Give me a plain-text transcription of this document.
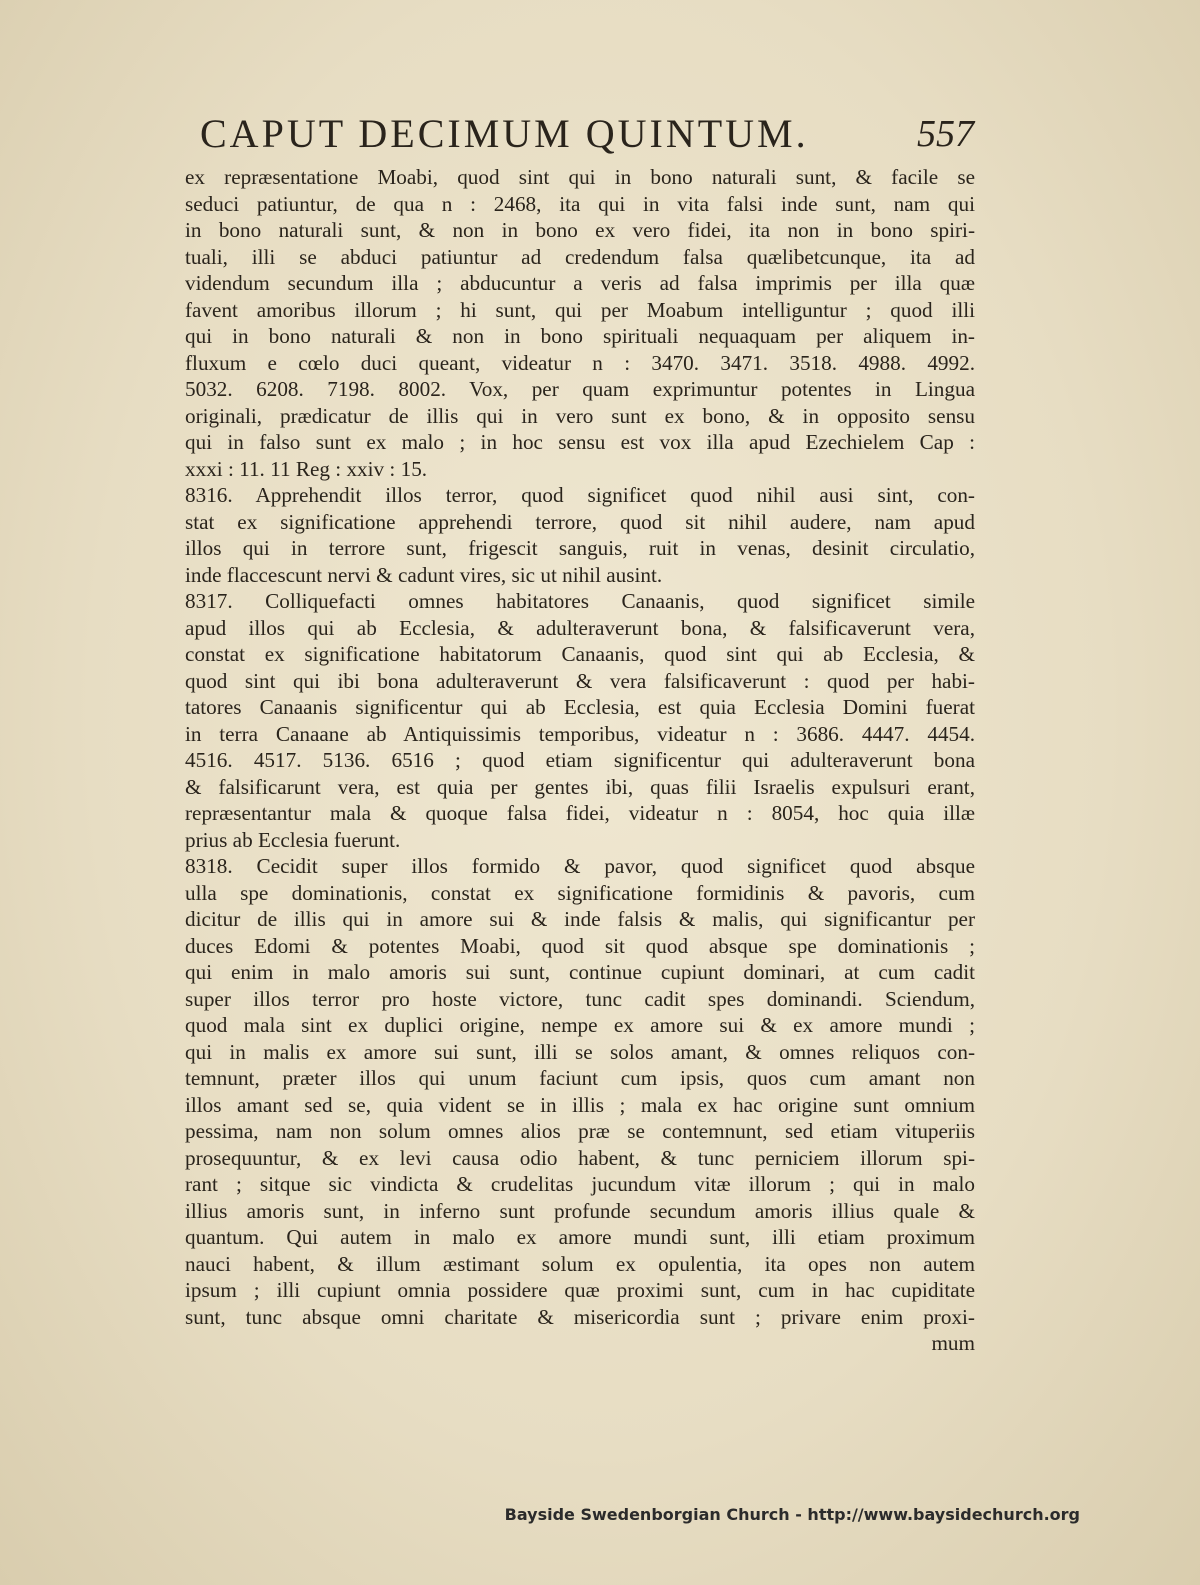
CAPUT DECIMUM QUINTUM.	557
ex repræsentatione Moabi, quod sint qui in bono naturali sunt, & facile se
seduci patiuntur, de qua n : 2468, ita qui in vita falsi inde sunt, nam qui
in bono naturali sunt, & non in bono ex vero fidei, ita non in bono spiri-
tuali, illi se abduci patiuntur ad credendum falsa quælibetcunque, ita ad
videndum secundum illa ; abducuntur a veris ad falsa imprimis per illa quæ
favent amoribus illorum ; hi sunt, qui per Moabum intelliguntur ; quod illi
qui in bono naturali & non in bono spirituali nequaquam per aliquem in-
fluxum e cœlo duci queant, videatur n : 3470. 3471. 3518. 4988. 4992.
5032. 6208. 7198. 8002. Vox, per quam exprimuntur potentes in Lingua
originali, prædicatur de illis qui in vero sunt ex bono, & in opposito sensu
qui in falso sunt ex malo ; in hoc sensu est vox illa apud Ezechielem Cap :
xxxi : 11. 11 Reg : xxiv : 15.
8316. Apprehendit illos terror, quod significet quod nihil ausi sint, con-
stat ex significatione apprehendi terrore, quod sit nihil audere, nam apud
illos qui in terrore sunt, frigescit sanguis, ruit in venas, desinit circulatio,
inde flaccescunt nervi & cadunt vires, sic ut nihil ausint.
8317. Colliquefacti omnes habitatores Canaanis, quod significet simile
apud illos qui ab Ecclesia, & adulteraverunt bona, & falsificaverunt vera,
constat ex significatione habitatorum Canaanis, quod sint qui ab Ecclesia, &
quod sint qui ibi bona adulteraverunt & vera falsificaverunt : quod per habi-
tatores Canaanis significentur qui ab Ecclesia, est quia Ecclesia Domini fuerat
in terra Canaane ab Antiquissimis temporibus, videatur n : 3686. 4447. 4454.
4516. 4517. 5136. 6516 ; quod etiam significentur qui adulteraverunt bona
& falsificarunt vera, est quia per gentes ibi, quas filii Israelis expulsuri erant,
repræsentantur mala & quoque falsa fidei, videatur n : 8054, hoc quia illæ
prius ab Ecclesia fuerunt.
8318. Cecidit super illos formido & pavor, quod significet quod absque
ulla spe dominationis, constat ex significatione formidinis & pavoris, cum
dicitur de illis qui in amore sui & inde falsis & malis, qui significantur per
duces Edomi & potentes Moabi, quod sit quod absque spe dominationis ;
qui enim in malo amoris sui sunt, continue cupiunt dominari, at cum cadit
super illos terror pro hoste victore, tunc cadit spes dominandi. Sciendum,
quod mala sint ex duplici origine, nempe ex amore sui & ex amore mundi ;
qui in malis ex amore sui sunt, illi se solos amant, & omnes reliquos con-
temnunt, præter illos qui unum faciunt cum ipsis, quos cum amant non
illos amant sed se, quia vident se in illis ; mala ex hac origine sunt omnium
pessima, nam non solum omnes alios præ se contemnunt, sed etiam vituperiis
prosequuntur, & ex levi causa odio habent, & tunc perniciem illorum spi-
rant ; sitque sic vindicta & crudelitas jucundum vitæ illorum ; qui in malo
illius amoris sunt, in inferno sunt profunde secundum amoris illius quale &
quantum. Qui autem in malo ex amore mundi sunt, illi etiam proximum
nauci habent, & illum æstimant solum ex opulentia, ita opes non autem
ipsum ; illi cupiunt omnia possidere quæ proximi sunt, cum in hac cupiditate
sunt, tunc absque omni charitate & misericordia sunt ; privare enim proxi-
mum
Bayside Swedenborgian Church - http://www.baysidechurch.org
